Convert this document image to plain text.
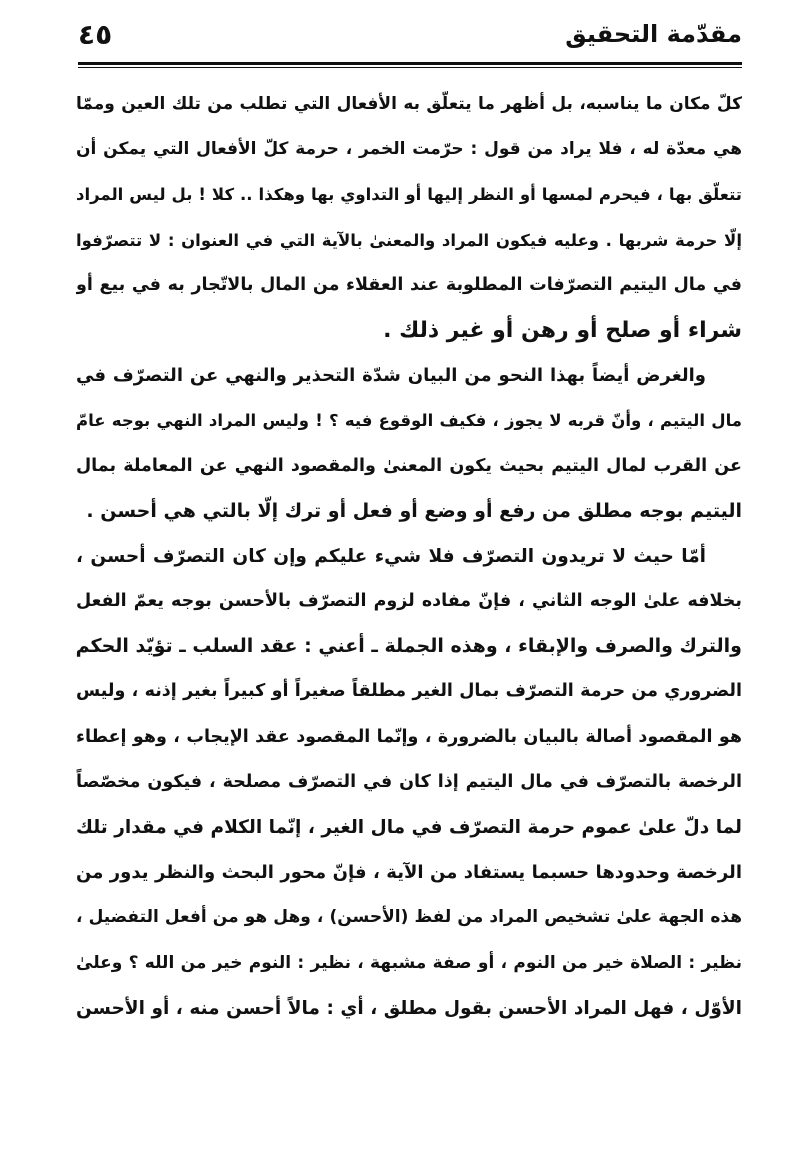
مقدّمة التحقيق
٤٥
كلّ مكان ما يناسبه، بل أظهر ما يتعلّق به الأفعال التي تطلب من تلك العين وممّا
هي معدّة له ، فلا يراد من قول : حرّمت الخمر ، حرمة كلّ الأفعال التي يمكن أن
تتعلّق بها ، فيحرم لمسها أو النظر إليها أو التداوي بها وهكذا .. كلا ! بل ليس المراد
إلّا حرمة شربها . وعليه فيكون المراد والمعنىٰ بالآية التي في العنوان : لا تتصرّفوا
في مال اليتيم التصرّفات المطلوبة عند العقلاء من المال بالاتّجار به في بيع أو
شراء أو صلح أو رهن أو غير ذلك .
والغرض أيضاً بهذا النحو من البيان شدّة التحذير والنهي عن التصرّف في
مال اليتيم ، وأنّ قربه لا يجوز ، فكيف الوقوع فيه ؟ ! وليس المراد النهي بوجه عامّ
عن القرب لمال اليتيم بحيث يكون المعنىٰ والمقصود النهي عن المعاملة بمال
اليتيم بوجه مطلق من رفع أو وضع أو فعل أو ترك إلّا بالتي هي أحسن .
أمّا حيث لا تريدون التصرّف فلا شيء عليكم وإن كان التصرّف أحسن ،
بخلافه علىٰ الوجه الثاني ، فإنّ مفاده لزوم التصرّف بالأحسن بوجه يعمّ الفعل
والترك والصرف والإبقاء ، وهذه الجملة ـ أعني : عقد السلب ـ تؤيّد الحكم
الضروري من حرمة التصرّف بمال الغير مطلقاً صغيراً أو كبيراً بغير إذنه ، وليس
هو المقصود أصالة بالبيان بالضرورة ، وإنّما المقصود عقد الإيجاب ، وهو إعطاء
الرخصة بالتصرّف في مال اليتيم إذا كان في التصرّف مصلحة ، فيكون مخصّصاً
لما دلّ علىٰ عموم حرمة التصرّف في مال الغير ، إنّما الكلام في مقدار تلك
الرخصة وحدودها حسبما يستفاد من الآية ، فإنّ محور البحث والنظر يدور من
هذه الجهة علىٰ تشخيص المراد من لفظ (الأحسن) ، وهل هو من أفعل التفضيل ،
نظير : الصلاة خير من النوم ، أو صفة مشبهة ، نظير : النوم خير من الله ؟ وعلىٰ
الأوّل ، فهل المراد الأحسن بقول مطلق ، أي : مالاً أحسن منه ، أو الأحسن
